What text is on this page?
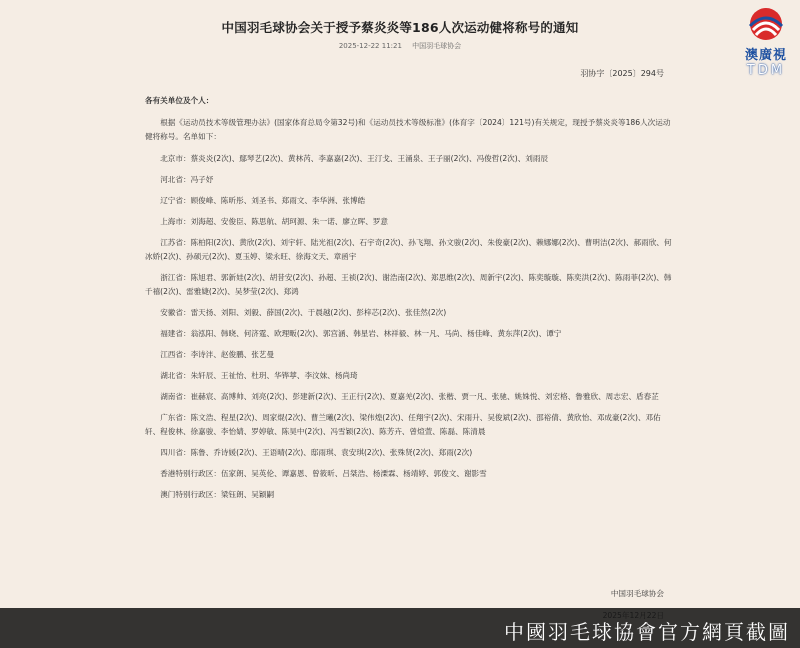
中国羽毛球协会关于授予蔡炎炎等186人次运动健将称号的通知
2025-12-22 11:21 中国羽毛球协会
羽协字〔2025〕294号
各有关单位及个人：
根据《运动员技术等级管理办法》(国家体育总局令第32号)和《运动员技术等级标准》(体育字〔2024〕121号)有关规定，现授予蔡炎炎等186人次运动健将称号。名单如下：
北京市：蔡炎炎(2次)、鄢琴艺(2次)、黄林芮、李嘉嘉(2次)、王汀戈、王涌泉、王子丽(2次)、冯俊哲(2次)、刘雨辰
河北省：冯子妤
辽宁省：顾俊峰、陈昕彤、刘圣书、郑雨文、李华洲、张博皓
上海市：刘海超、安俊臣、陈思航、胡珂源、朱一诺、廖立晖、罗意
江苏省：陈柏阳(2次)、黄欣(2次)、刘宇轩、陆光祖(2次)、石宇奇(2次)、孙飞翔、孙文骏(2次)、朱俊豪(2次)、赖娜娜(2次)、曹明洁(2次)、郝雨欣、何冰娇(2次)、孙硕元(2次)、夏玉婷、梁永旺、徐海文天、章函宇
浙江省：陈旭君、郭新娃(2次)、胡昔安(2次)、孙超、王祯(2次)、谢浩南(2次)、郑思维(2次)、周新宇(2次)、陈奕璇璇、陈奕洪(2次)、陈雨菲(2次)、韩千禧(2次)、雷雅婕(2次)、吴梦莹(2次)、郑鸿
安徽省：雷天扬、刘阳、刘毅、薛国(2次)、于晨越(2次)、彭梓芯(2次)、张佳然(2次)
福建省：翁泓阳、韩晓、何济霆、欧理畈(2次)、郭宫涵、韩星岩、林祥毅、林一凡、马尚、杨佳峰、黄东萍(2次)、谭宁
江西省：李诗沣、赵俊鹏、张艺曼
湖北省：朱轩辰、王祉怡、杜玥、华铧葶、李汶妹、杨尚琦
湖南省：崔赫宸、高博帅、刘亮(2次)、彭建新(2次)、王正行(2次)、夏嘉羌(2次)、张楷、贾一凡、张驰、姚姝悦、刘宏格、鲁雅欣、周志宏、盾春芷
广东省：陈文浩、程星(2次)、周家焜(2次)、曹兰曦(2次)、梁伟煌(2次)、任翔宇(2次)、宋雨升、吴俊斌(2次)、邵裕倩、黄欣怡、邓成豪(2次)、邓佑轩、程俊林、徐嘉骏、李怡婧、罗婷敏、陈昊中(2次)、冯雪颖(2次)、陈芳卉、曾煊萱、陈磊、陈清晨
四川省：陈鲁、乔诗媛(2次)、王语晴(2次)、邸雨琪、袁安琪(2次)、张殊贤(2次)、郑雨(2次)
香港特别行政区：伍家朗、吴英伦、谭嘉恩、曾筱昕、吕桀浩、杨溧霖、杨靖婷、郭俊文、谢影雪
澳门特别行政区：梁钰朗、吴颖嗣
中国羽毛球协会
澳廣視
TDM
中國羽毛球協會官方網頁截圖
